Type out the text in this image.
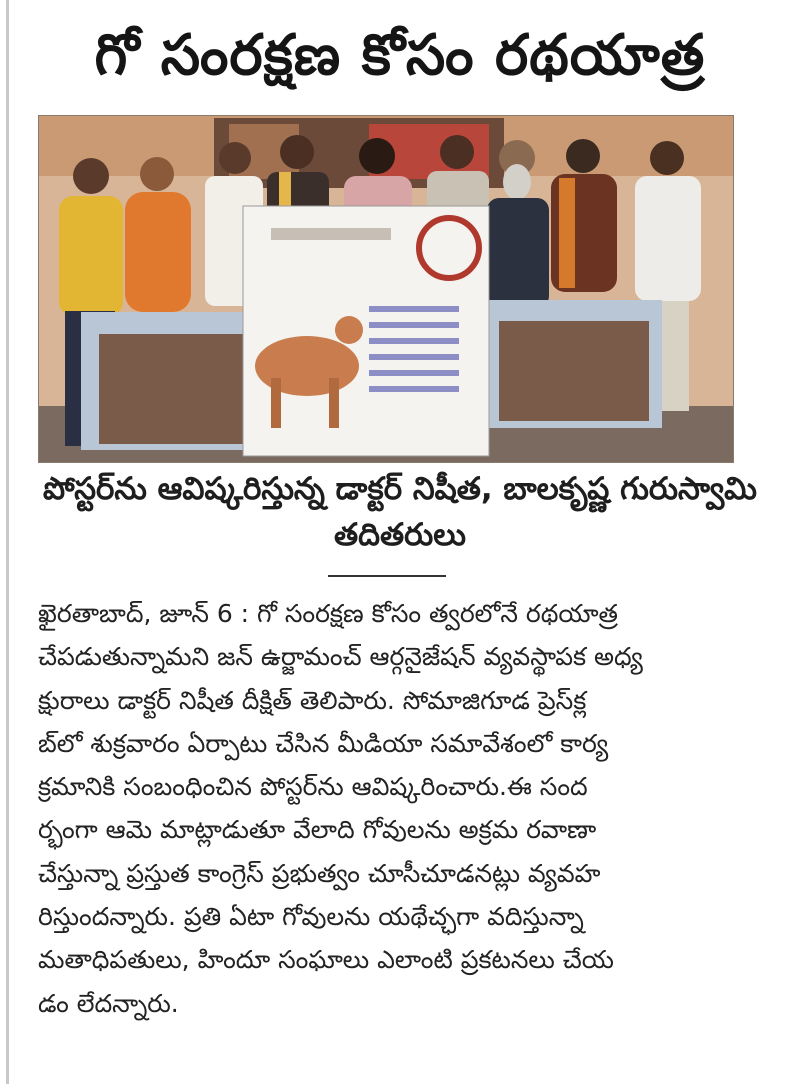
గో సంరక్షణ కోసం రథయాత్ర
పోస్టర్‌ను ఆవిష్కరిస్తున్న డాక్టర్ నిషీత, బాలకృష్ణ గురుస్వామి
తదితరులు
ఖైరతాబాద్, జూన్ 6 : గో సంరక్షణ కోసం త్వరలోనే రథయాత్ర
చేపడుతున్నామని జన్ ఉర్జామంచ్ ఆర్గనైజేషన్ వ్యవస్థాపక అధ్య
క్షురాలు డాక్టర్ నిషీత దీక్షిత్ తెలిపారు. సోమాజిగూడ ప్రెస్‌క్ల
బ్‌లో శుక్రవారం ఏర్పాటు చేసిన మీడియా సమావేశంలో కార్య
క్రమానికి సంబంధించిన పోస్టర్‌ను ఆవిష్కరించారు.ఈ సంద
ర్భంగా ఆమె మాట్లాడుతూ వేలాది గోవులను అక్రమ రవాణా
చేస్తున్నా ప్రస్తుత కాంగ్రెస్ ప్రభుత్వం చూసీచూడనట్లు వ్యవహ
రిస్తుందన్నారు. ప్రతి ఏటా గోవులను యథేచ్ఛగా వదిస్తున్నా
మతాధిపతులు, హిందూ సంఘాలు ఎలాంటి ప్రకటనలు చేయ
డం లేదన్నారు.
